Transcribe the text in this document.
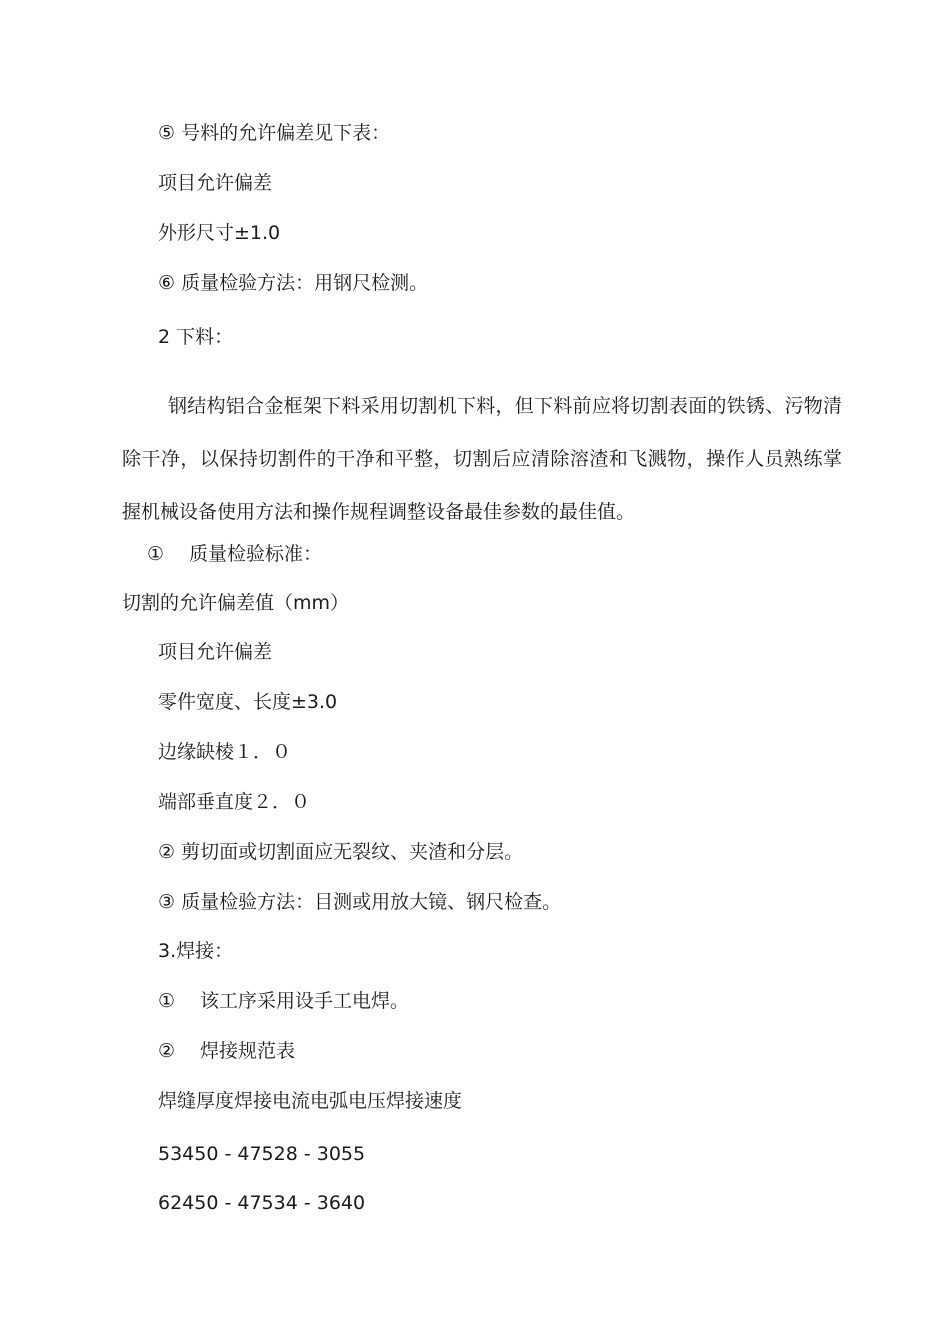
⑤ 号料的允许偏差见下表：
项目允许偏差
外形尺寸±1.0
⑥ 质量检验方法：用钢尺检测。
2 下料：
钢结构铝合金框架下料采用切割机下料，但下料前应将切割表面的铁锈、污物清除干净，以保持切割件的干净和平整，切割后应清除溶渣和飞溅物，操作人员熟练掌握机械设备使用方法和操作规程调整设备最佳参数的最佳值。
① 质量检验标准：
切割的允许偏差值（mm）
项目允许偏差
零件宽度、长度±3.0
边缘缺棱１．０
端部垂直度２．０
② 剪切面或切割面应无裂纹、夹渣和分层。
③ 质量检验方法：目测或用放大镜、钢尺检查。
3.焊接：
① 该工序采用设手工电焊。
② 焊接规范表
焊缝厚度焊接电流电弧电压焊接速度
53450 - 47528 - 3055
62450 - 47534 - 3640
